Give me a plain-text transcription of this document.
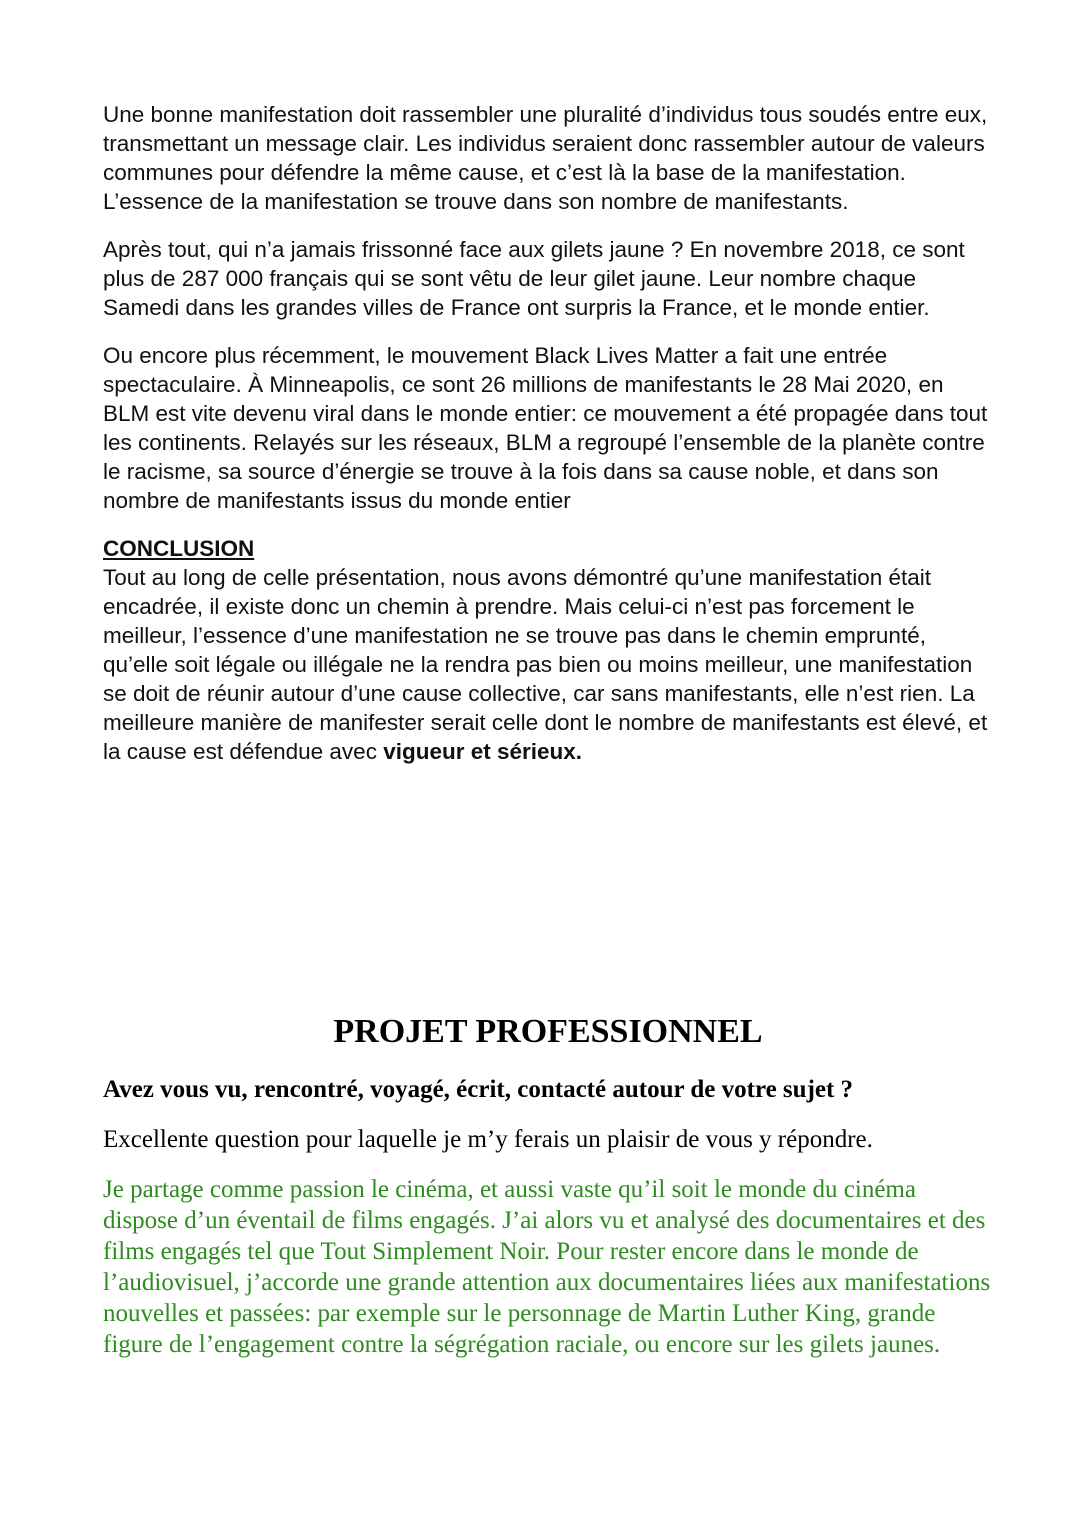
Une bonne manifestation doit rassembler une pluralité d’individus tous soudés entre eux, transmettant un message clair. Les individus seraient donc rassembler autour de valeurs communes pour défendre la même cause, et c’est là la base de la manifestation. L’essence de la manifestation se trouve dans son nombre de manifestants.

Après tout, qui n’a jamais frissonné face aux gilets jaune ? En novembre 2018, ce sont plus de 287 000 français qui se sont vêtu de leur gilet jaune. Leur nombre chaque Samedi dans les grandes villes de France ont surpris la France, et le monde entier.

Ou encore plus récemment, le mouvement Black Lives Matter a fait une entrée spectaculaire. À Minneapolis, ce sont 26 millions de manifestants le 28 Mai 2020, en BLM est vite devenu viral dans le monde entier: ce mouvement a été propagée dans tout les continents. Relayés sur les réseaux, BLM a regroupé l’ensemble de la planète contre le racisme, sa source d’énergie se trouve à la fois dans sa cause noble, et dans son nombre de manifestants issus du monde entier

CONCLUSION

Tout au long de celle présentation, nous avons démontré qu’une manifestation était encadrée, il existe donc un chemin à prendre. Mais celui-ci n’est pas forcement le meilleur, l’essence d’une manifestation ne se trouve pas dans le chemin emprunté, qu’elle soit légale ou illégale ne la rendra pas bien ou moins meilleur, une manifestation se doit de réunir autour d’une cause collective, car sans manifestants, elle n’est rien. La meilleure manière de manifester serait celle dont le nombre de manifestants est élevé, et la cause est défendue avec vigueur et sérieux.

PROJET PROFESSIONNEL

Avez vous vu, rencontré, voyagé, écrit, contacté autour de votre sujet ?

Excellente question pour laquelle je m’y ferais un plaisir de vous y répondre.

Je partage comme passion le cinéma, et aussi vaste qu’il soit le monde du cinéma dispose d’un éventail de films engagés. J’ai alors vu et analysé des documentaires et des films engagés tel que Tout Simplement Noir. Pour rester encore dans le monde de l’audiovisuel, j’accorde une grande attention aux documentaires liées aux manifestations nouvelles et passées: par exemple sur le personnage de Martin Luther King, grande figure de l’engagement contre la ségrégation raciale, ou encore sur les gilets jaunes.
